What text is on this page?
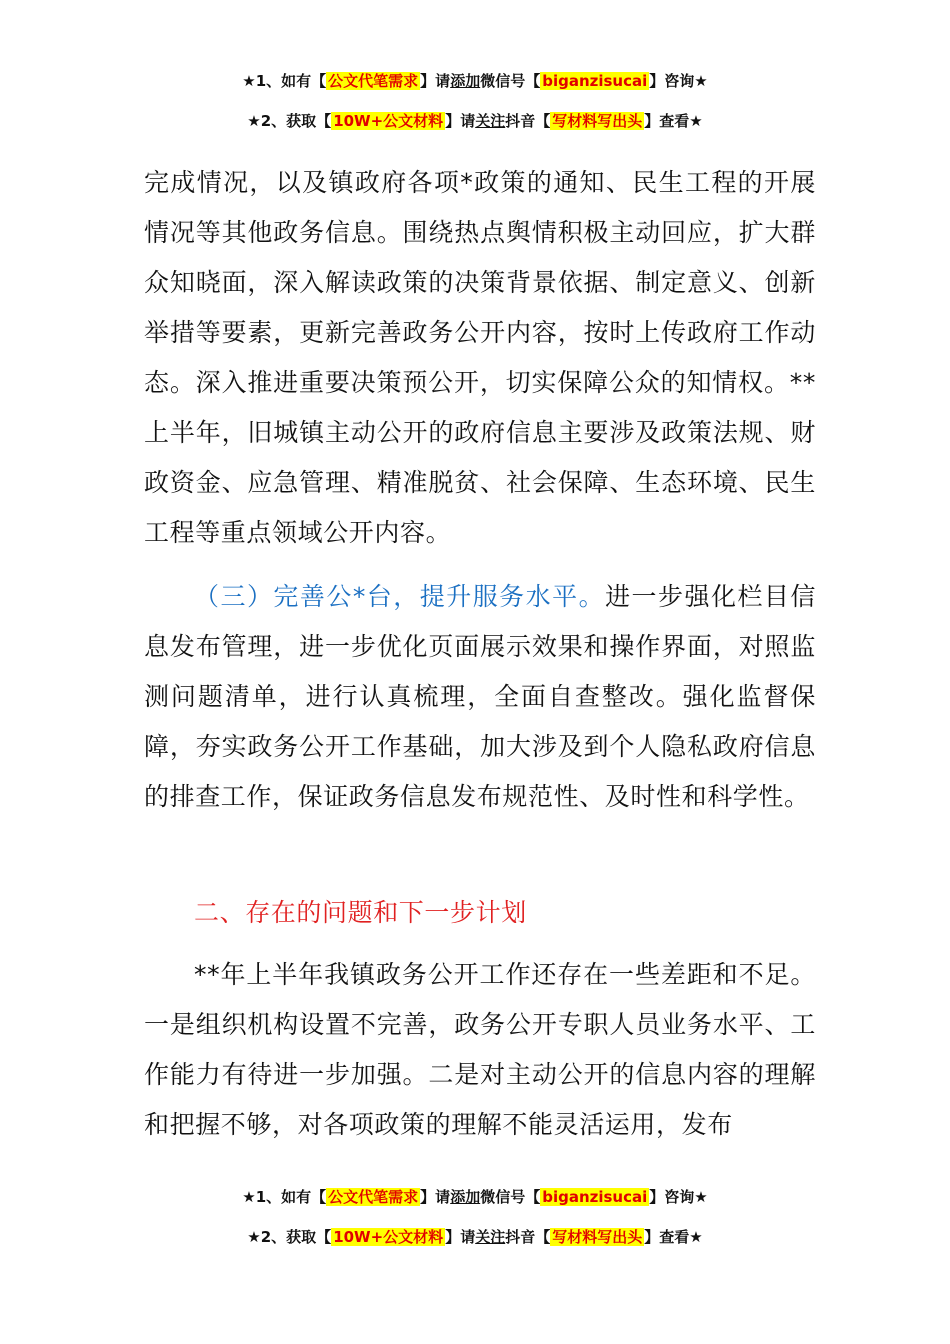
★1、如有【 公文代笔需求 】请添加微信号【 biganzisucai 】咨询★
★2、获取【 10W+公文材料 】请关注抖音【 写材料写出头 】查看★

完成情况，以及镇政府各项*政策的通知、民生工程的开展情况等其他政务信息。围绕热点舆情积极主动回应，扩大群众知晓面，深入解读政策的决策背景依据、制定意义、创新举措等要素，更新完善政务公开内容，按时上传政府工作动态。深入推进重要决策预公开，切实保障公众的知情权。**上半年，旧城镇主动公开的政府信息主要涉及政策法规、财政资金、应急管理、精准脱贫、社会保障、生态环境、民生工程等重点领域公开内容。

（三）完善公*台，提升服务水平。进一步强化栏目信息发布管理，进一步优化页面展示效果和操作界面，对照监测问题清单，进行认真梳理，全面自查整改。强化监督保障，夯实政务公开工作基础，加大涉及到个人隐私政府信息的排查工作，保证政务信息发布规范性、及时性和科学性。

二、存在的问题和下一步计划

**年上半年我镇政务公开工作还存在一些差距和不足。一是组织机构设置不完善，政务公开专职人员业务水平、工作能力有待进一步加强。二是对主动公开的信息内容的理解和把握不够，对各项政策的理解不能灵活运用，发布

★1、如有【 公文代笔需求 】请添加微信号【 biganzisucai 】咨询★
★2、获取【 10W+公文材料 】请关注抖音【 写材料写出头 】查看★
